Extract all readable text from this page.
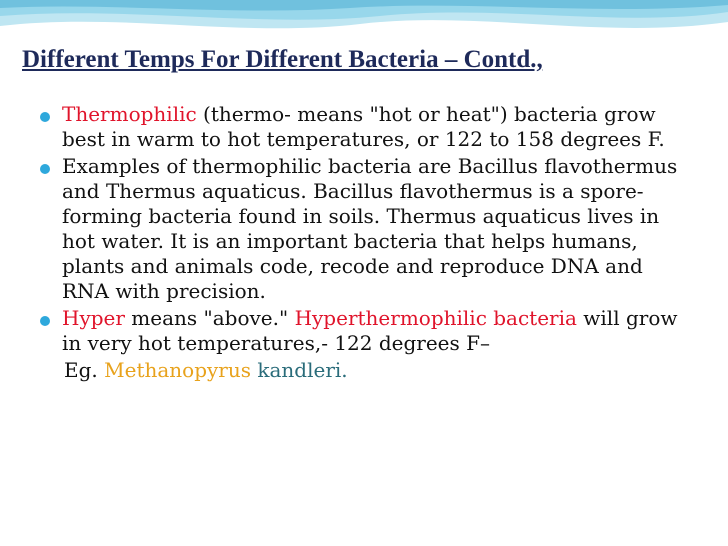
Different Temps For Different Bacteria – Contd.,
Thermophilic (thermo- means "hot or heat") bacteria grow best in warm to hot temperatures, or 122 to 158 degrees F.
Examples of thermophilic bacteria are Bacillus flavothermus and Thermus aquaticus. Bacillus flavothermus is a spore-forming bacteria found in soils. Thermus aquaticus lives in hot water. It is an important bacteria that helps humans, plants and animals code, recode and reproduce DNA and RNA with precision.
Hyper means "above." Hyperthermophilic bacteria will grow in very hot temperatures,- 122 degrees F–
Eg. Methanopyrus kandleri.
